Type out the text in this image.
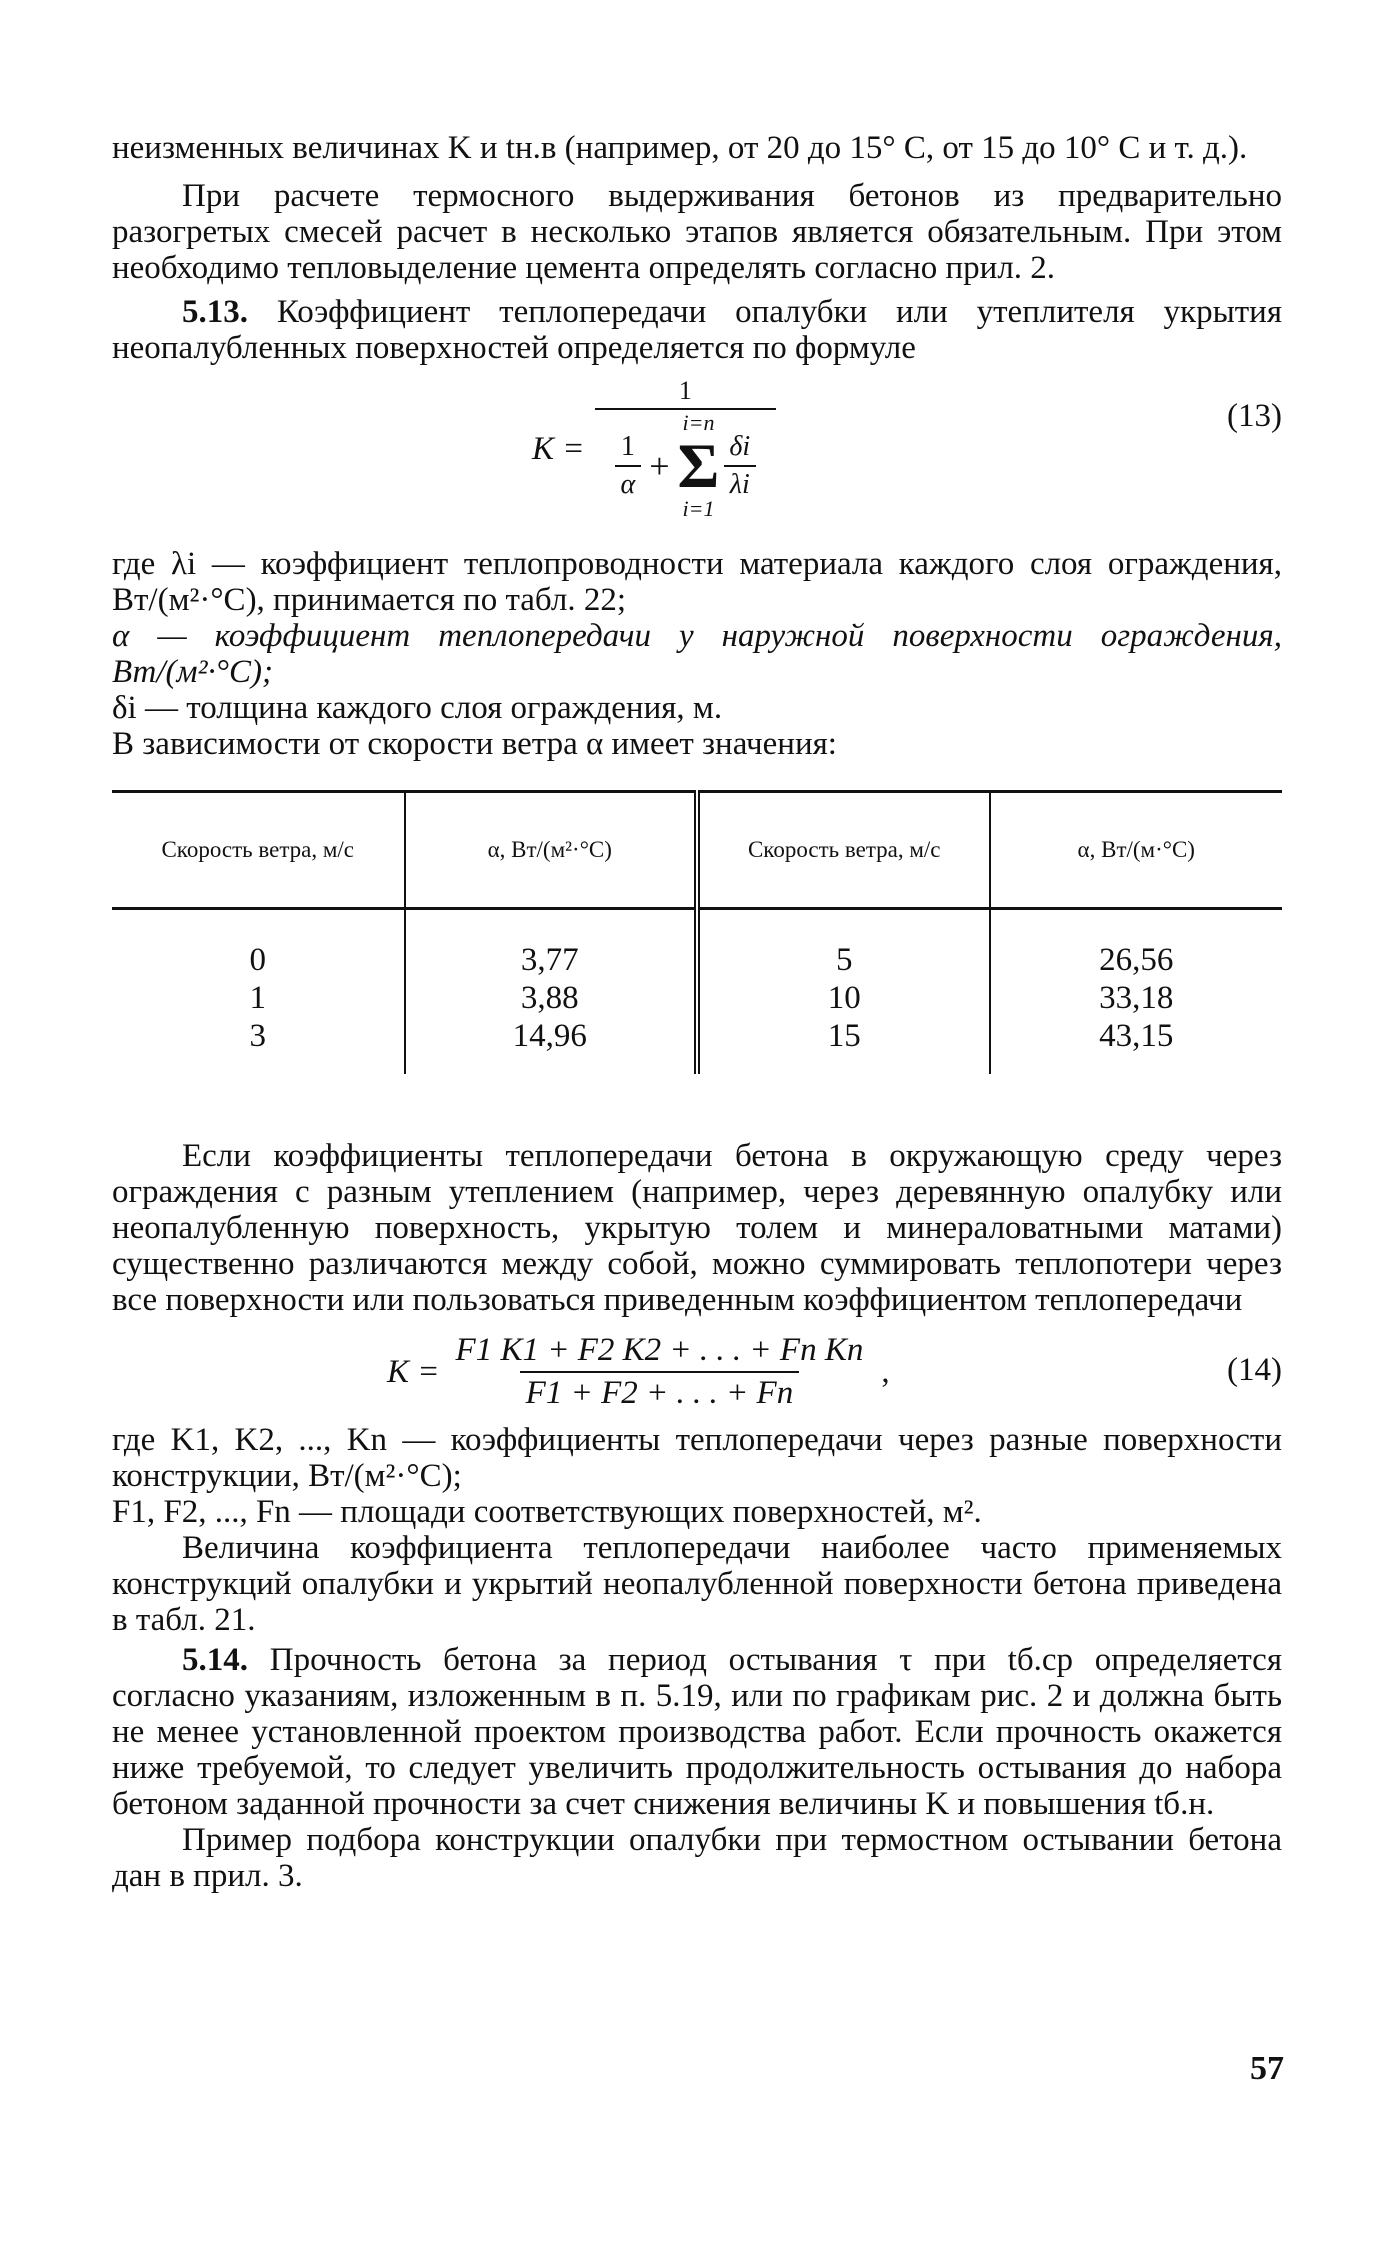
неизменных величинах K и tн.в (например, от 20 до 15° С, от 15 до 10° С и т. д.).

При расчете термосного выдерживания бетонов из предварительно разогретых смесей расчет в несколько этапов является обязательным. При этом необходимо тепловыделение цемента определять согласно прил. 2.

5.13. Коэффициент теплопередачи опалубки или утеплителя укрытия неопалубленных поверхностей определяется по формуле

K =
1
$\frac{1}{\alpha}$ +
i=n
Σ
i=1
$\frac{\delta i}{\lambda i}$
(13)

где λi — коэффициент теплопроводности материала каждого слоя ограждения, Вт/(м²·°С), принимается по табл. 22;

α — коэффициент теплопередачи у наружной поверхности ограждения, Вт/(м²·°С);

δi — толщина каждого слоя ограждения, м.

В зависимости от скорости ветра α имеет значения:

Скорость ветра, м/с	α, Вт/(м²·°С)	Скорость ветра, м/с	α, Вт/(м·°С)
0	3,77	5	26,56
1	3,88	10	33,18
3	14,96	15	43,15

Если коэффициенты теплопередачи бетона в окружающую среду через ограждения с разным утеплением (например, через деревянную опалубку или неопалубленную поверхность, укрытую толем и минераловатными матами) существенно различаются между собой, можно суммировать теплопотери через все поверхности или пользоваться приведенным коэффициентом теплопередачи

$K = \frac{\text{F1 K1 + F2 K2 + . . . + Fn Kn}}{F1 + F2 + . . . + Fn}$ ,	(14)

где K1, K2, ..., Kn — коэффициенты теплопередачи через разные поверхности конструкции, Вт/(м²·°С);

F1, F2, ..., Fn — площади соответствующих поверхностей, м².

Величина коэффициента теплопередачи наиболее часто применяемых конструкций опалубки и укрытий неопалубленной поверхности бетона приведена в табл. 21.

5.14. Прочность бетона за период остывания τ при tб.ср определяется согласно указаниям, изложенным в п. 5.19, или по графикам рис. 2 и должна быть не менее установленной проектом производства работ. Если прочность окажется ниже требуемой, то следует увеличить продолжительность остывания до набора бетоном заданной прочности за счет снижения величины K и повышения tб.н.

Пример подбора конструкции опалубки при термостном остывании бетона дан в прил. 3.

57
